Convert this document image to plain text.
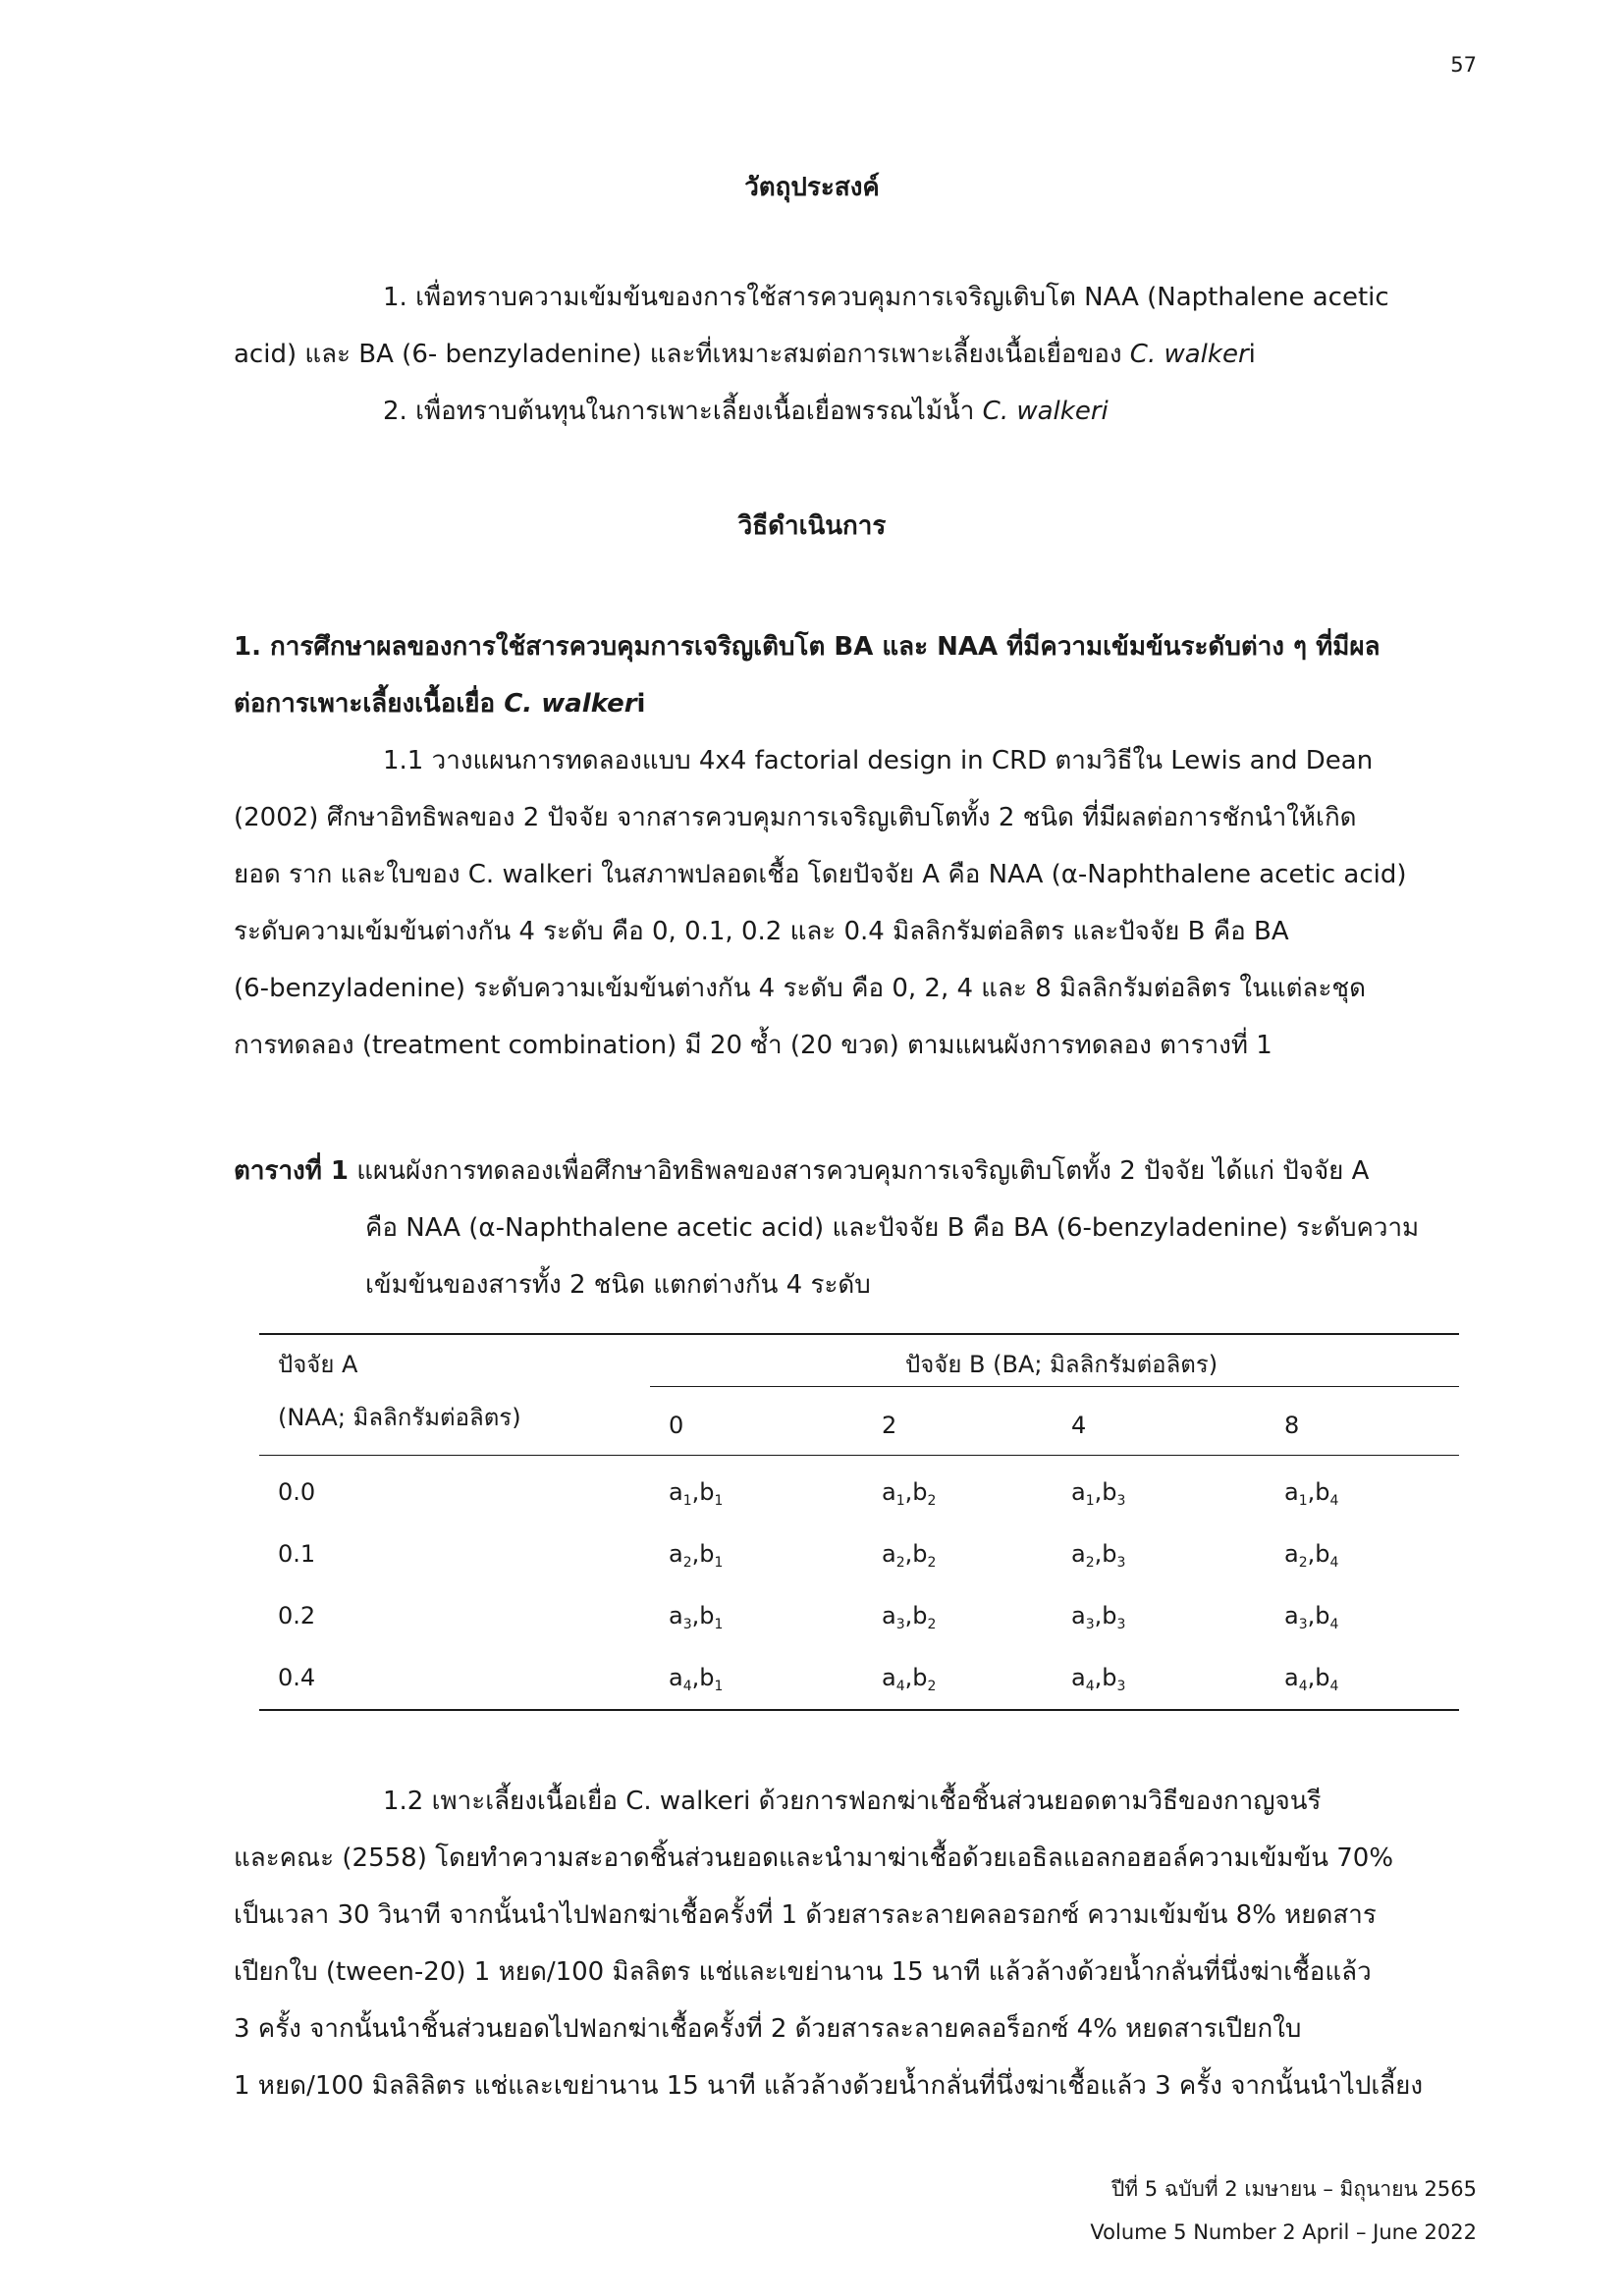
57
วัตถุประสงค์
1. เพื่อทราบความเข้มข้นของการใช้สารควบคุมการเจริญเติบโต NAA (Napthalene acetic
acid) และ BA (6- benzyladenine) และที่เหมาะสมต่อการเพาะเลี้ยงเนื้อเยื่อของ C. walkeri
2. เพื่อทราบต้นทุนในการเพาะเลี้ยงเนื้อเยื่อพรรณไม้น้ำ C. walkeri
วิธีดำเนินการ
1. การศึกษาผลของการใช้สารควบคุมการเจริญเติบโต BA และ NAA ที่มีความเข้มข้นระดับต่าง ๆ ที่มีผล
ต่อการเพาะเลี้ยงเนื้อเยื่อ C. walkeri
1.1 วางแผนการทดลองแบบ 4x4 factorial design in CRD ตามวิธีใน Lewis and Dean
(2002) ศึกษาอิทธิพลของ 2 ปัจจัย จากสารควบคุมการเจริญเติบโตทั้ง 2 ชนิด ที่มีผลต่อการชักนำให้เกิด
ยอด ราก และใบของ C. walkeri ในสภาพปลอดเชื้อ โดยปัจจัย A คือ NAA (α-Naphthalene acetic acid)
ระดับความเข้มข้นต่างกัน 4 ระดับ คือ 0, 0.1, 0.2 และ 0.4 มิลลิกรัมต่อลิตร และปัจจัย B คือ BA
(6-benzyladenine) ระดับความเข้มข้นต่างกัน 4 ระดับ คือ 0, 2, 4 และ 8 มิลลิกรัมต่อลิตร ในแต่ละชุด
การทดลอง (treatment combination) มี 20 ซ้ำ (20 ขวด) ตามแผนผังการทดลอง ตารางที่ 1
ตารางที่ 1 แผนผังการทดลองเพื่อศึกษาอิทธิพลของสารควบคุมการเจริญเติบโตทั้ง 2 ปัจจัย ได้แก่ ปัจจัย A
คือ NAA (α-Naphthalene acetic acid) และปัจจัย B คือ BA (6-benzyladenine) ระดับความ
เข้มข้นของสารทั้ง 2 ชนิด แตกต่างกัน 4 ระดับ
ปัจจัย A
(NAA; มิลลิกรัมต่อลิตร)
ปัจจัย B (BA; มิลลิกรัมต่อลิตร)
0	2	4	8
0.0	$a_1,b_1$	$a_1,b_2$	$a_1,b_3$	$a_1,b_4$
0.1	$a_2,b_1$	$a_2,b_2$	$a_2,b_3$	$a_2,b_4$
0.2	$a_3,b_1$	$a_3,b_2$	$a_3,b_3$	$a_3,b_4$
0.4	$a_4,b_1$	$a_4,b_2$	$a_4,b_3$	$a_4,b_4$
1.2 เพาะเลี้ยงเนื้อเยื่อ C. walkeri ด้วยการฟอกฆ่าเชื้อชิ้นส่วนยอดตามวิธีของกาญจนรี
และคณะ (2558) โดยทำความสะอาดชิ้นส่วนยอดและนำมาฆ่าเชื้อด้วยเอธิลแอลกอฮอล์ความเข้มข้น 70%
เป็นเวลา 30 วินาที จากนั้นนำไปฟอกฆ่าเชื้อครั้งที่ 1 ด้วยสารละลายคลอรอกซ์ ความเข้มข้น 8% หยดสาร
เปียกใบ (tween-20) 1 หยด/100 มิลลิตร แช่และเขย่านาน 15 นาที แล้วล้างด้วยน้ำกลั่นที่นึ่งฆ่าเชื้อแล้ว
3 ครั้ง จากนั้นนำชิ้นส่วนยอดไปฟอกฆ่าเชื้อครั้งที่ 2 ด้วยสารละลายคลอร็อกซ์ 4% หยดสารเปียกใบ
1 หยด/100 มิลลิลิตร แช่และเขย่านาน 15 นาที แล้วล้างด้วยน้ำกลั่นที่นึ่งฆ่าเชื้อแล้ว 3 ครั้ง จากนั้นนำไปเลี้ยง
ปีที่ 5 ฉบับที่ 2 เมษายน – มิถุนายน 2565
Volume 5 Number 2 April – June 2022
